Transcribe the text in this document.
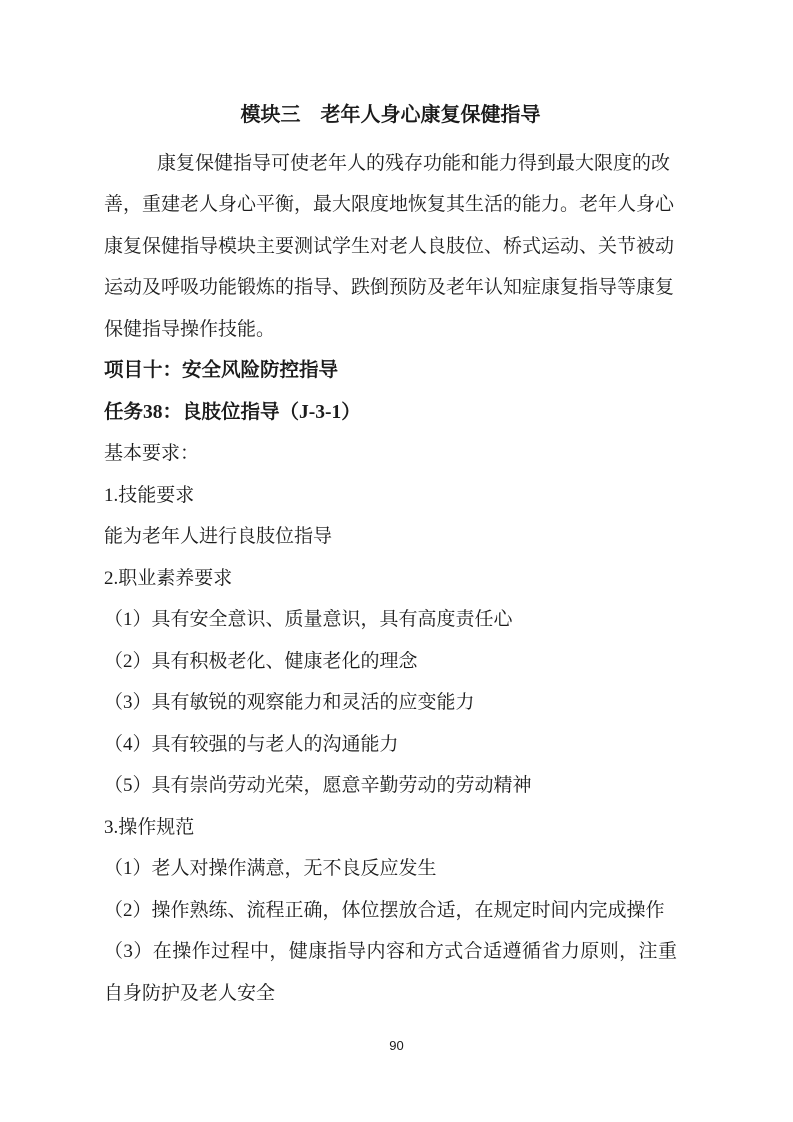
模块三　老年人身心康复保健指导
康复保健指导可使老年人的残存功能和能力得到最大限度的改
善，重建老人身心平衡，最大限度地恢复其生活的能力。老年人身心
康复保健指导模块主要测试学生对老人良肢位、桥式运动、关节被动
运动及呼吸功能锻炼的指导、跌倒预防及老年认知症康复指导等康复
保健指导操作技能。
项目十：安全风险防控指导
任务38：良肢位指导（J-3-1）
基本要求：
1.技能要求
能为老年人进行良肢位指导
2.职业素养要求
（1）具有安全意识、质量意识，具有高度责任心
（2）具有积极老化、健康老化的理念
（3）具有敏锐的观察能力和灵活的应变能力
（4）具有较强的与老人的沟通能力
（5）具有崇尚劳动光荣，愿意辛勤劳动的劳动精神
3.操作规范
（1）老人对操作满意，无不良反应发生
（2）操作熟练、流程正确，体位摆放合适，在规定时间内完成操作
（3）在操作过程中，健康指导内容和方式合适遵循省力原则，注重自身防护及老人安全
90
